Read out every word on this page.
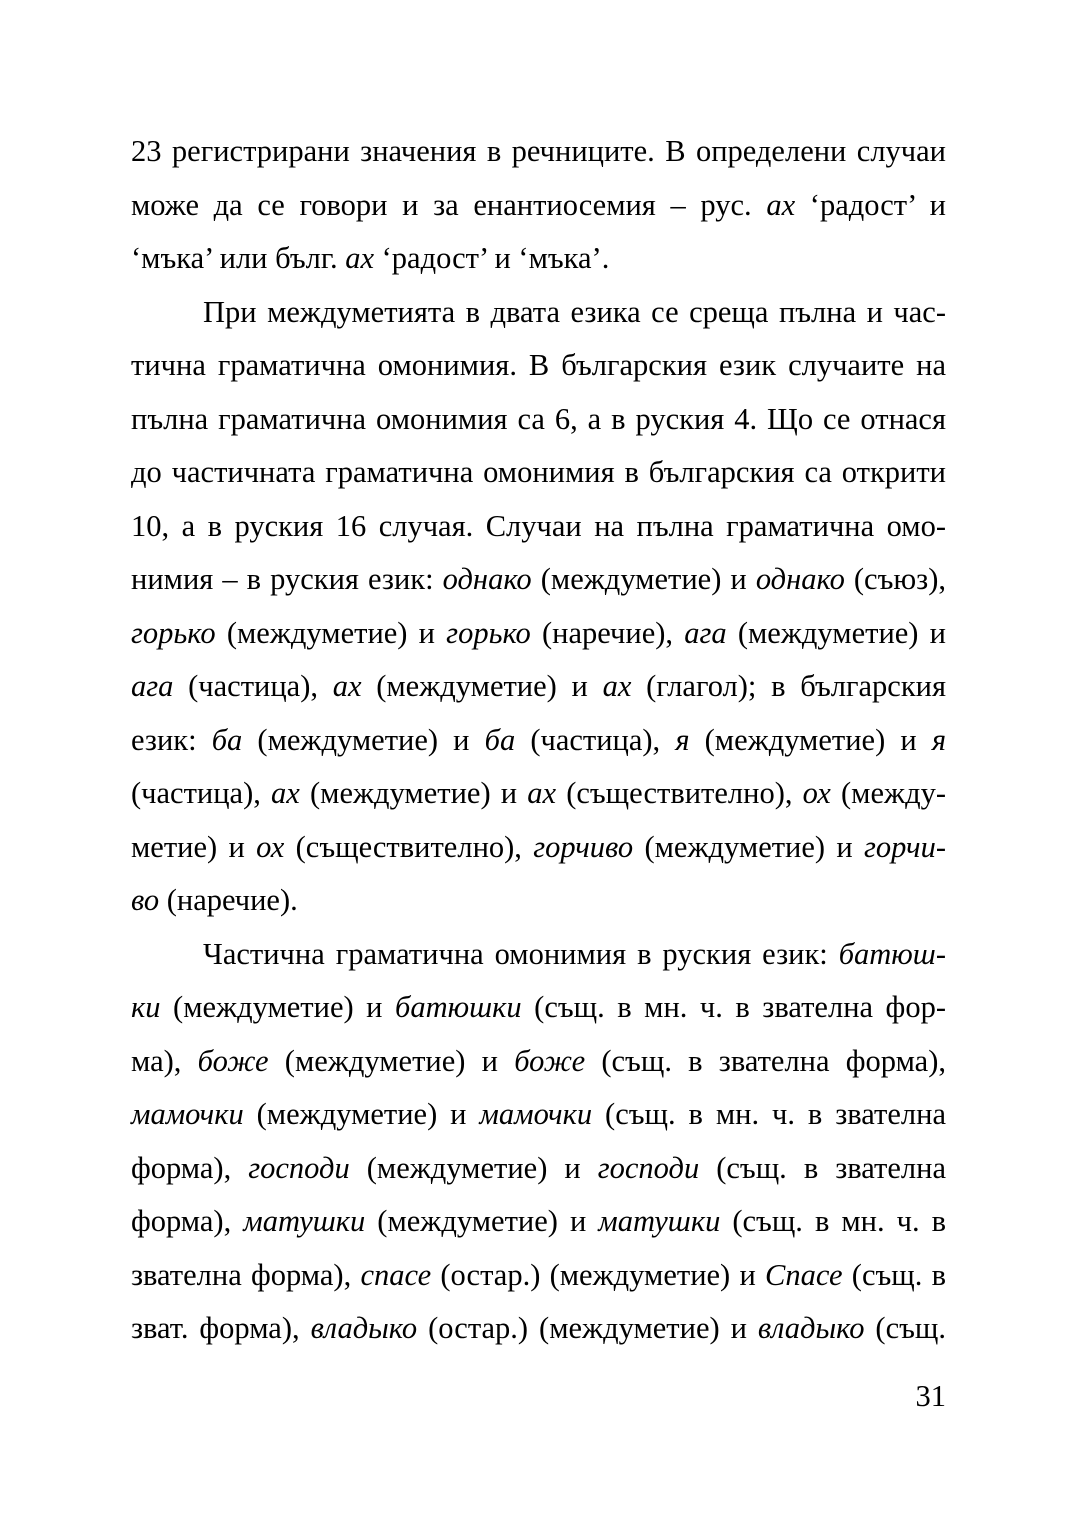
23 регистрирани значения в речниците. В определени случаи
може да се говори и за енантиосемия – рус. ах ‘радост’ и
‘мъка’ или бълг. ах ‘радост’ и ‘мъка’.
При междуметията в двата езика се среща пълна и час-
тична граматична омонимия. В българския език случаите на
пълна граматична омонимия са 6, а в руския 4. Що се отнася
до частичната граматична омонимия в българския са открити
10, а в руския 16 случая. Случаи на пълна граматична омо-
нимия – в руския език: однако (междуметие) и однако (съюз),
горько (междуметие) и горько (наречие), ага (междуметие) и
ага (частица), ах (междуметие) и ах (глагол); в българския
език: ба (междуметие) и ба (частица), я (междуметие) и я
(частица), ах (междуметие) и ах (съществително), ох (между-
метие) и ох (съществително), горчиво (междуметие) и горчи-
во (наречие).
Частична граматична омонимия в руския език: батюш-
ки (междуметие) и батюшки (същ. в мн. ч. в звателна фор-
ма), боже (междуметие) и боже (същ. в звателна форма),
мамочки (междуметие) и мамочки (същ. в мн. ч. в звателна
форма), господи (междуметие) и господи (същ. в звателна
форма), матушки (междуметие) и матушки (същ. в мн. ч. в
звателна форма), спасе (остар.) (междуметие) и Спасе (същ. в
зват. форма), владыко (остар.) (междуметие) и владыко (същ.
31
